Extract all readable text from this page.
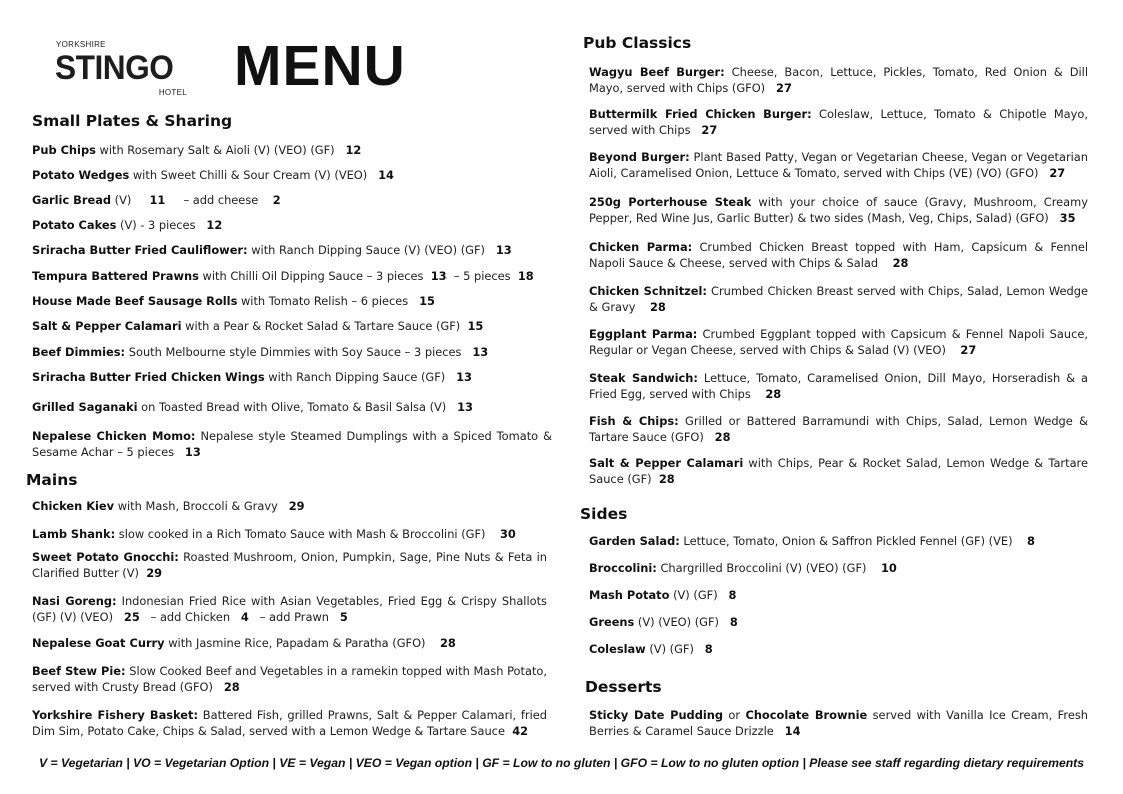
YORKSHIRE
STINGO
HOTEL MENU
Small Plates & Sharing
Pub Chips with Rosemary Salt & Aioli (V) (VEO) (GF) 12
Potato Wedges with Sweet Chilli & Sour Cream (V) (VEO) 14
Garlic Bread (V) 11 – add cheese 2
Potato Cakes (V) - 3 pieces 12
Sriracha Butter Fried Cauliflower: with Ranch Dipping Sauce (V) (VEO) (GF) 13
Tempura Battered Prawns with Chilli Oil Dipping Sauce – 3 pieces 13 – 5 pieces 18
House Made Beef Sausage Rolls with Tomato Relish – 6 pieces 15
Salt & Pepper Calamari with a Pear & Rocket Salad & Tartare Sauce (GF) 15
Beef Dimmies: South Melbourne style Dimmies with Soy Sauce – 3 pieces 13
Sriracha Butter Fried Chicken Wings with Ranch Dipping Sauce (GF) 13
Grilled Saganaki on Toasted Bread with Olive, Tomato & Basil Salsa (V) 13
Nepalese Chicken Momo: Nepalese style Steamed Dumplings with a Spiced Tomato & Sesame Achar – 5 pieces 13
Mains
Chicken Kiev with Mash, Broccoli & Gravy 29
Lamb Shank: slow cooked in a Rich Tomato Sauce with Mash & Broccolini (GF) 30
Sweet Potato Gnocchi: Roasted Mushroom, Onion, Pumpkin, Sage, Pine Nuts & Feta in Clarified Butter (V) 29
Nasi Goreng: Indonesian Fried Rice with Asian Vegetables, Fried Egg & Crispy Shallots (GF) (V) (VEO) 25 – add Chicken 4 – add Prawn 5
Nepalese Goat Curry with Jasmine Rice, Papadam & Paratha (GFO) 28
Beef Stew Pie: Slow Cooked Beef and Vegetables in a ramekin topped with Mash Potato, served with Crusty Bread (GFO) 28
Yorkshire Fishery Basket: Battered Fish, grilled Prawns, Salt & Pepper Calamari, fried Dim Sim, Potato Cake, Chips & Salad, served with a Lemon Wedge & Tartare Sauce 42
Pub Classics
Wagyu Beef Burger: Cheese, Bacon, Lettuce, Pickles, Tomato, Red Onion & Dill Mayo, served with Chips (GFO) 27
Buttermilk Fried Chicken Burger: Coleslaw, Lettuce, Tomato & Chipotle Mayo, served with Chips 27
Beyond Burger: Plant Based Patty, Vegan or Vegetarian Cheese, Vegan or Vegetarian Aioli, Caramelised Onion, Lettuce & Tomato, served with Chips (VE) (VO) (GFO) 27
250g Porterhouse Steak with your choice of sauce (Gravy, Mushroom, Creamy Pepper, Red Wine Jus, Garlic Butter) & two sides (Mash, Veg, Chips, Salad) (GFO) 35
Chicken Parma: Crumbed Chicken Breast topped with Ham, Capsicum & Fennel Napoli Sauce & Cheese, served with Chips & Salad 28
Chicken Schnitzel: Crumbed Chicken Breast served with Chips, Salad, Lemon Wedge & Gravy 28
Eggplant Parma: Crumbed Eggplant topped with Capsicum & Fennel Napoli Sauce, Regular or Vegan Cheese, served with Chips & Salad (V) (VEO) 27
Steak Sandwich: Lettuce, Tomato, Caramelised Onion, Dill Mayo, Horseradish & a Fried Egg, served with Chips 28
Fish & Chips: Grilled or Battered Barramundi with Chips, Salad, Lemon Wedge & Tartare Sauce (GFO) 28
Salt & Pepper Calamari with Chips, Pear & Rocket Salad, Lemon Wedge & Tartare Sauce (GF) 28
Sides
Garden Salad: Lettuce, Tomato, Onion & Saffron Pickled Fennel (GF) (VE) 8
Broccolini: Chargrilled Broccolini (V) (VEO) (GF) 10
Mash Potato (V) (GF) 8
Greens (V) (VEO) (GF) 8
Coleslaw (V) (GF) 8
Desserts
Sticky Date Pudding or Chocolate Brownie served with Vanilla Ice Cream, Fresh Berries & Caramel Sauce Drizzle 14
V = Vegetarian | VO = Vegetarian Option | VE = Vegan | VEO = Vegan option | GF = Low to no gluten | GFO = Low to no gluten option | Please see staff regarding dietary requirements
